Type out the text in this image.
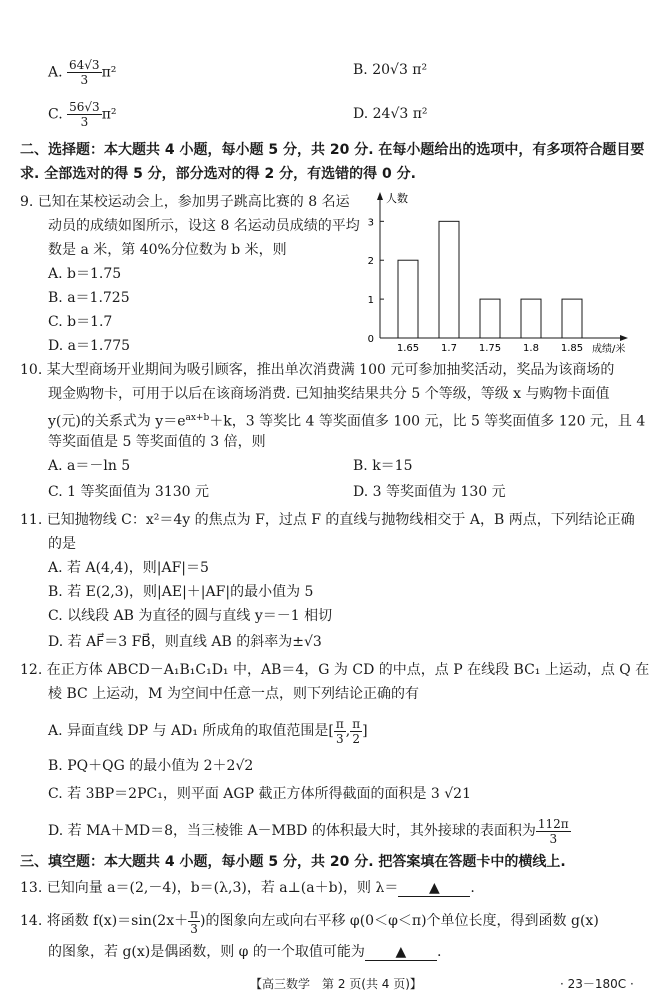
A. $\frac{64√3}{3} \pi^2$	B. 20√3 π²
C. $\frac{56√3}{3} \pi^2$	D. 24√3 π²
二、选择题：本大题共 4 小题，每小题 5 分，共 20 分. 在每小题给出的选项中，有多项符合题目要
求. 全部选对的得 5 分，部分选对的得 2 分，有选错的得 0 分.
9. 已知在某校运动会上，参加男子跳高比赛的 8 名运
动员的成绩如图所示，设这 8 名运动员成绩的平均
数是 a 米，第 40%分位数为 b 米，则
A. b＝1.75
B. a＝1.725
C. b＝1.7
D. a＝1.775
人数
成绩/米
0
1
2
3
1.65 1.7 1.75 1.8 1.85
10. 某大型商场开业期间为吸引顾客，推出单次消费满 100 元可参加抽奖活动，奖品为该商场的
现金购物卡，可用于以后在该商场消费. 已知抽奖结果共分 5 个等级，等级 x 与购物卡面值
y(元)的关系式为 $y=e^{ax+b}+k$，3 等奖比 4 等奖面值多 100 元，比 5 等奖面值多 120 元，且 4
等奖面值是 5 等奖面值的 3 倍，则
A. a＝－ln 5	B. k＝15
C. 1 等奖面值为 3130 元	D. 3 等奖面值为 130 元
11. 已知抛物线 C：x²＝4y 的焦点为 F，过点 F 的直线与抛物线相交于 A，B 两点，下列结论正确
的是
A. 若 A(4,4)，则|AF|＝5
B. 若 E(2,3)，则|AE|＋|AF|的最小值为 5
C. 以线段 AB 为直径的圆与直线 y＝－1 相切
D. 若 AF⃗＝3 FB⃗，则直线 AB 的斜率为±√3
12. 在正方体 ABCD－A₁B₁C₁D₁ 中，AB＝4，G 为 CD 的中点，点 P 在线段 BC₁ 上运动，点 Q 在
棱 BC 上运动，M 为空间中任意一点，则下列结论正确的有
A. 异面直线 DP 与 AD₁ 所成角的取值范围是[ $\frac{\pi}{3}$ , $\frac{\pi}{2}$ ]
B. PQ＋QG 的最小值为 2＋2√2
C. 若 3BP＝2PC₁，则平面 AGP 截正方体所得截面的面积是 3 √21
D. 若 MA＋MD＝8，当三棱锥 A－MBD 的体积最大时，其外接球的表面积为 $\frac{112\pi}{3}$
三、填空题：本大题共 4 小题，每小题 5 分，共 20 分. 把答案填在答题卡中的横线上.
13. 已知向量 a＝(2,－4)，b＝(λ,3)，若 a⊥(a＋b)，则 λ＝ ▲ .
14. 将函数 $f(x)=\sin(2x+ \frac{\pi}{3}$ )的图象向左或向右平移 φ(0＜φ＜π)个单位长度，得到函数 g(x)
的图象，若 g(x)是偶函数，则 φ 的一个取值可能为 ▲ .
【高三数学　第 2 页(共 4 页)】	· 23－180C ·
